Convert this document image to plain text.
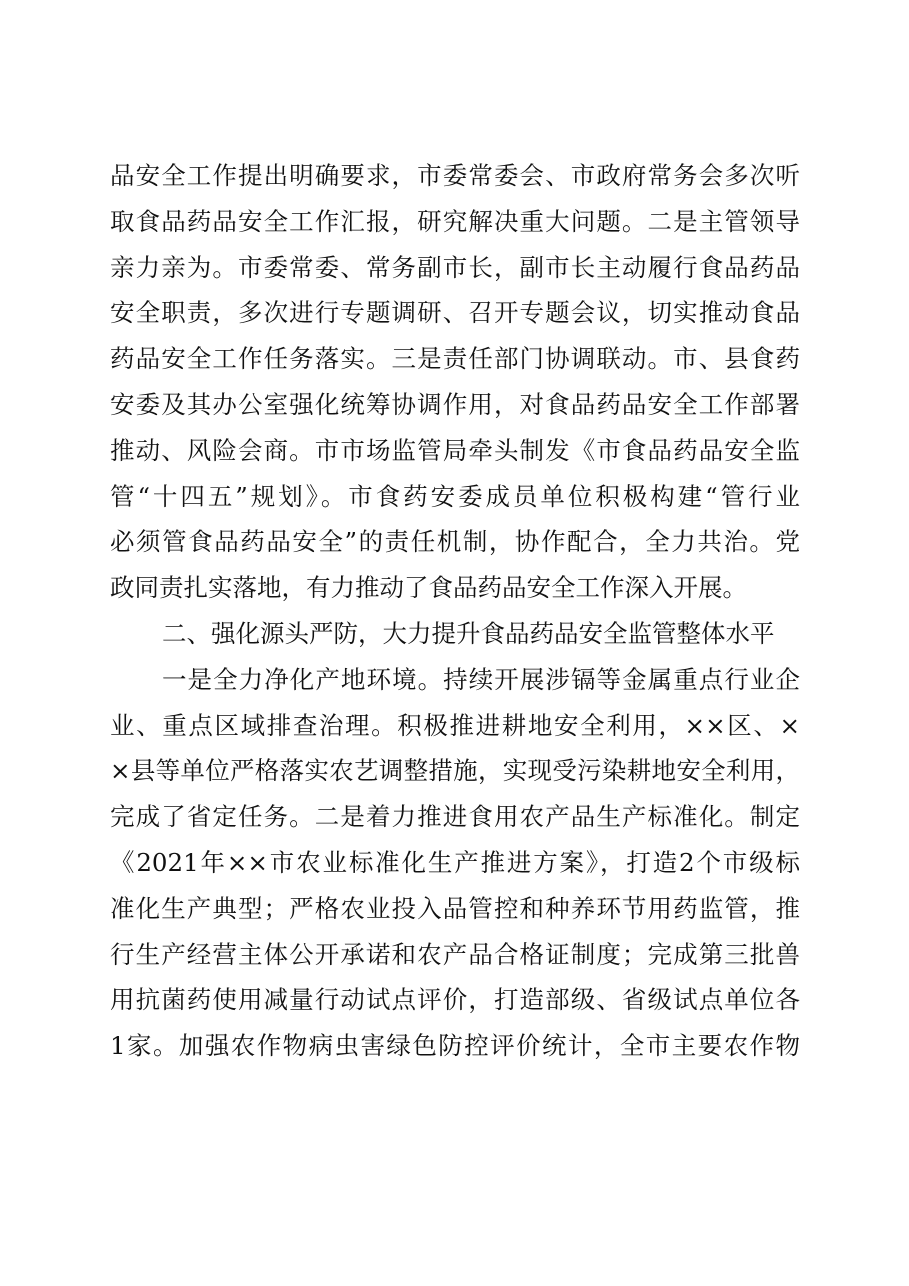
品安全工作提出明确要求，市委常委会、市政府常务会多次听
取食品药品安全工作汇报，研究解决重大问题。二是主管领导
亲力亲为。市委常委、常务副市长，副市长主动履行食品药品
安全职责，多次进行专题调研、召开专题会议，切实推动食品
药品安全工作任务落实。三是责任部门协调联动。市、县食药
安委及其办公室强化统筹协调作用，对食品药品安全工作部署
推动、风险会商。市市场监管局牵头制发《市食品药品安全监
管“十四五”规划》。市食药安委成员单位积极构建“管行业
必须管食品药品安全”的责任机制，协作配合，全力共治。党
政同责扎实落地，有力推动了食品药品安全工作深入开展。
二、强化源头严防，大力提升食品药品安全监管整体水平
一是全力净化产地环境。持续开展涉镉等金属重点行业企
业、重点区域排查治理。积极推进耕地安全利用，××区、×
×县等单位严格落实农艺调整措施，实现受污染耕地安全利用，
完成了省定任务。二是着力推进食用农产品生产标准化。制定
《2021年××市农业标准化生产推进方案》，打造2个市级标
准化生产典型；严格农业投入品管控和种养环节用药监管，推
行生产经营主体公开承诺和农产品合格证制度；完成第三批兽
用抗菌药使用减量行动试点评价，打造部级、省级试点单位各
1家。加强农作物病虫害绿色防控评价统计，全市主要农作物
